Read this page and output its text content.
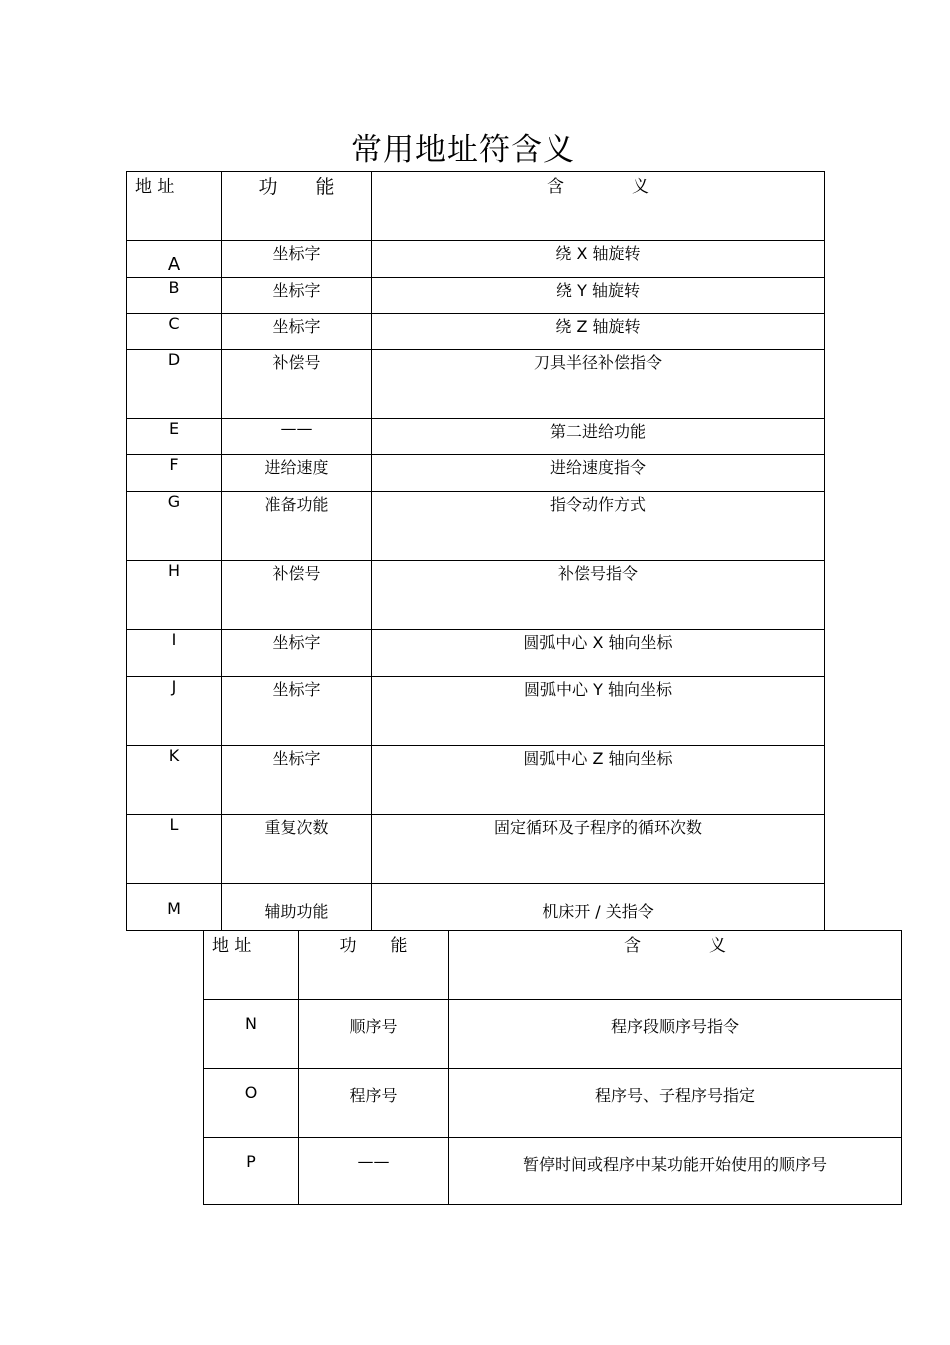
常用地址符含义
地 址	功　　能	含　　　　义
A	坐标字	绕 X 轴旋转
B	坐标字	绕 Y 轴旋转
C	坐标字	绕 Z 轴旋转
D	补偿号	刀具半径补偿指令
E	——	第二进给功能
F	进给速度	进给速度指令
G	准备功能	指令动作方式
H	补偿号	补偿号指令
I	坐标字	圆弧中心 X 轴向坐标
J	坐标字	圆弧中心 Y 轴向坐标
K	坐标字	圆弧中心 Z 轴向坐标
L	重复次数	固定循环及子程序的循环次数
M	辅助功能	机床开 / 关指令
地 址	功　　能	含　　　　义
N	顺序号	程序段顺序号指令
O	程序号	程序号、子程序号指定
P	——	暂停时间或程序中某功能开始使用的顺序号
